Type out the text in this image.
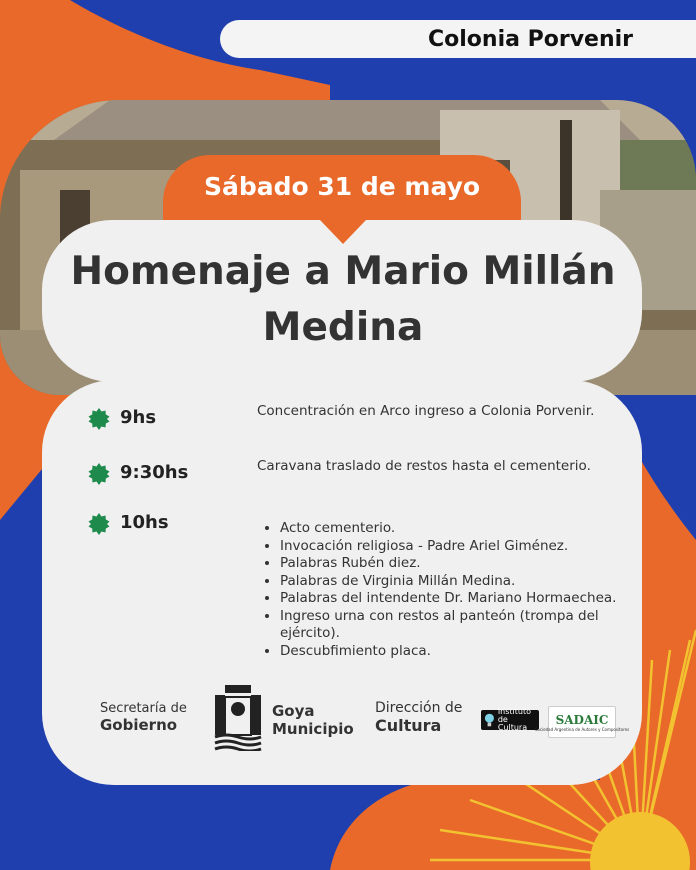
Colonia Porvenir
Sábado 31 de mayo
Homenaje a Mario Millán
Medina
9hs	Concentración en Arco ingreso a Colonia Porvenir.
9:30hs	Caravana traslado de restos hasta el cementerio.
10hs
•	Acto cementerio.
• Invocación religiosa - Padre Ariel Giménez.
• Palabras Rubén diez.
• Palabras de Virginia Millán Medina.
• Palabras del intendente Dr. Mariano Hormaechea.
• Ingreso urna con restos al panteón (trompa del ejército).
• Descubfimiento placa.
Secretaría de
Gobierno
Goya
Municipio
Dirección de
Cultura
Instituto de
Cultura
SADAIC
Sociedad Argentina de Autores y Compositores
